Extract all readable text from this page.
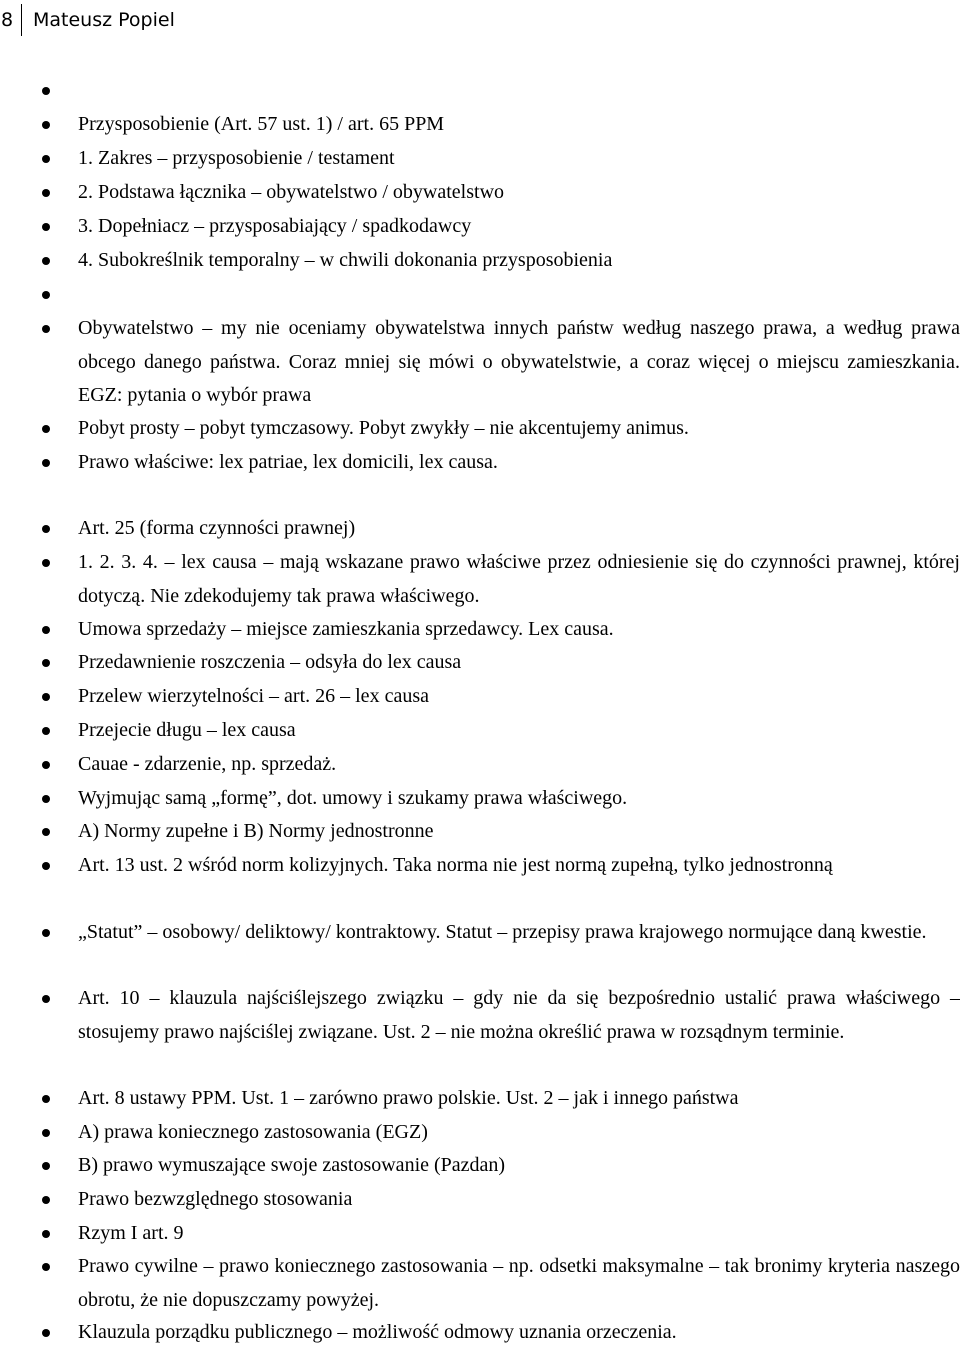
8 Mateusz Popiel
Przysposobienie (Art. 57 ust. 1) / art. 65 PPM
1. Zakres – przysposobienie / testament
2. Podstawa łącznika – obywatelstwo / obywatelstwo
3. Dopełniacz – przysposabiający / spadkodawcy
4. Subokreślnik temporalny – w chwili dokonania przysposobienia
Obywatelstwo – my nie oceniamy obywatelstwa innych państw według naszego prawa, a według prawa obcego danego państwa. Coraz mniej się mówi o obywatelstwie, a coraz więcej o miejscu zamieszkania. EGZ: pytania o wybór prawa
Pobyt prosty – pobyt tymczasowy. Pobyt zwykły – nie akcentujemy animus.
Prawo właściwe: lex patriae, lex domicili, lex causa.
Art. 25 (forma czynności prawnej)
1. 2. 3. 4. – lex causa – mają wskazane prawo właściwe przez odniesienie się do czynności prawnej, której dotyczą. Nie zdekodujemy tak prawa właściwego.
Umowa sprzedaży – miejsce zamieszkania sprzedawcy. Lex causa.
Przedawnienie roszczenia – odsyła do lex causa
Przelew wierzytelności – art. 26 – lex causa
Przejecie długu – lex causa
Cauae - zdarzenie, np. sprzedaż.
Wyjmując samą „formę”, dot. umowy i szukamy prawa właściwego.
A) Normy zupełne i B) Normy jednostronne
Art. 13 ust. 2 wśród norm kolizyjnych. Taka norma nie jest normą zupełną, tylko jednostronną
„Statut” – osobowy/ deliktowy/ kontraktowy. Statut – przepisy prawa krajowego normujące daną kwestie.
Art. 10 – klauzula najściślejszego związku – gdy nie da się bezpośrednio ustalić prawa właściwego – stosujemy prawo najściślej związane. Ust. 2 – nie można określić prawa w rozsądnym terminie.
Art. 8 ustawy PPM. Ust. 1 – zarówno prawo polskie. Ust. 2 – jak i innego państwa
A) prawa koniecznego zastosowania (EGZ)
B) prawo wymuszające swoje zastosowanie (Pazdan)
Prawo bezwzględnego stosowania
Rzym I art. 9
Prawo cywilne – prawo koniecznego zastosowania – np. odsetki maksymalne – tak bronimy kryteria naszego obrotu, że nie dopuszczamy powyżej.
Klauzula porządku publicznego – możliwość odmowy uznania orzeczenia.
